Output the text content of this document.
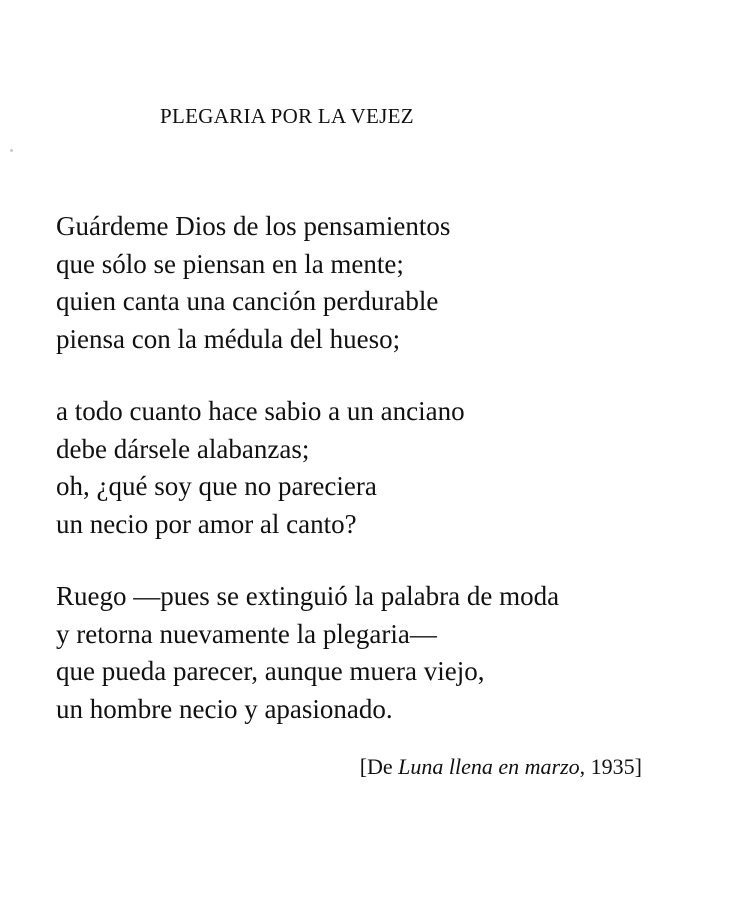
PLEGARIA POR LA VEJEZ
Guárdeme Dios de los pensamientos
que sólo se piensan en la mente;
quien canta una canción perdurable
piensa con la médula del hueso;
a todo cuanto hace sabio a un anciano
debe dársele alabanzas;
oh, ¿qué soy que no pareciera
un necio por amor al canto?
Ruego —pues se extinguió la palabra de moda
y retorna nuevamente la plegaria—
que pueda parecer, aunque muera viejo,
un hombre necio y apasionado.

[De Luna llena en marzo, 1935]
